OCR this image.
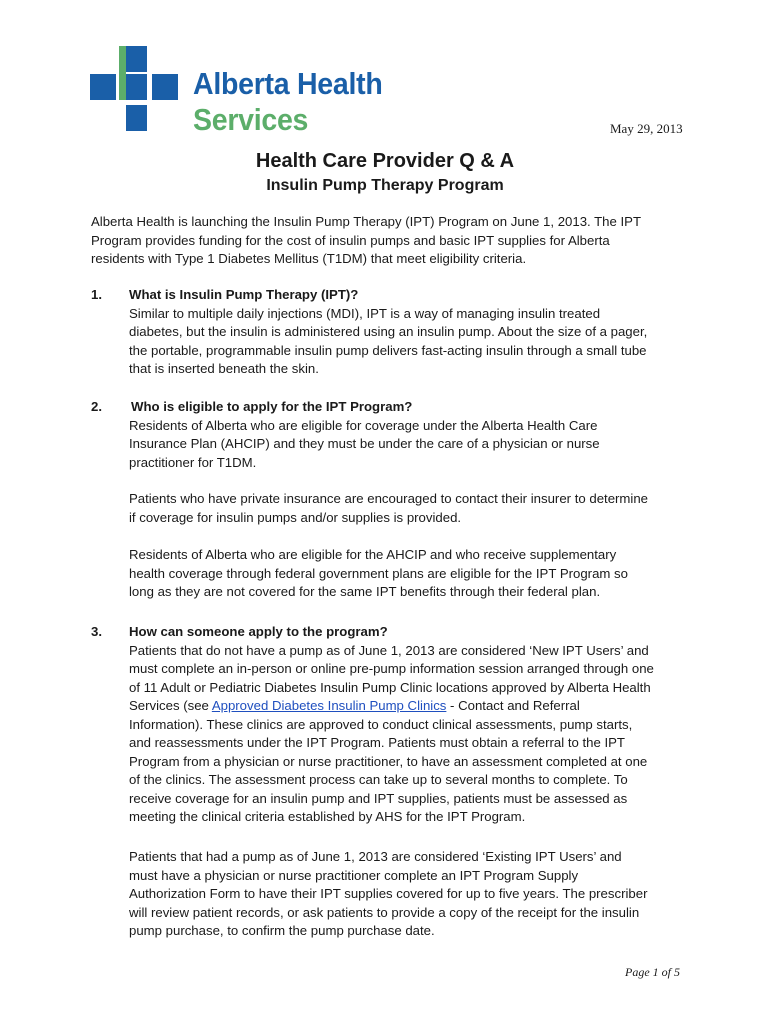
Alberta Health
Services	May 29, 2013
Health Care Provider Q & A
Insulin Pump Therapy Program
Alberta Health is launching the Insulin Pump Therapy (IPT) Program on June 1, 2013. The IPT
Program provides funding for the cost of insulin pumps and basic IPT supplies for Alberta
residents with Type 1 Diabetes Mellitus (T1DM) that meet eligibility criteria.
1. What is Insulin Pump Therapy (IPT)?
Similar to multiple daily injections (MDI), IPT is a way of managing insulin treated
diabetes, but the insulin is administered using an insulin pump. About the size of a pager,
the portable, programmable insulin pump delivers fast-acting insulin through a small tube
that is inserted beneath the skin.
2. Who is eligible to apply for the IPT Program?
Residents of Alberta who are eligible for coverage under the Alberta Health Care
Insurance Plan (AHCIP) and they must be under the care of a physician or nurse
practitioner for T1DM.
Patients who have private insurance are encouraged to contact their insurer to determine
if coverage for insulin pumps and/or supplies is provided.
Residents of Alberta who are eligible for the AHCIP and who receive supplementary
health coverage through federal government plans are eligible for the IPT Program so
long as they are not covered for the same IPT benefits through their federal plan.
3. How can someone apply to the program?
Patients that do not have a pump as of June 1, 2013 are considered ‘New IPT Users’ and
must complete an in-person or online pre-pump information session arranged through one
of 11 Adult or Pediatric Diabetes Insulin Pump Clinic locations approved by Alberta Health
Services (see Approved Diabetes Insulin Pump Clinics - Contact and Referral
Information). These clinics are approved to conduct clinical assessments, pump starts,
and reassessments under the IPT Program. Patients must obtain a referral to the IPT
Program from a physician or nurse practitioner, to have an assessment completed at one
of the clinics. The assessment process can take up to several months to complete. To
receive coverage for an insulin pump and IPT supplies, patients must be assessed as
meeting the clinical criteria established by AHS for the IPT Program.
Patients that had a pump as of June 1, 2013 are considered ‘Existing IPT Users’ and
must have a physician or nurse practitioner complete an IPT Program Supply
Authorization Form to have their IPT supplies covered for up to five years. The prescriber
will review patient records, or ask patients to provide a copy of the receipt for the insulin
pump purchase, to confirm the pump purchase date.
Page 1 of 5
